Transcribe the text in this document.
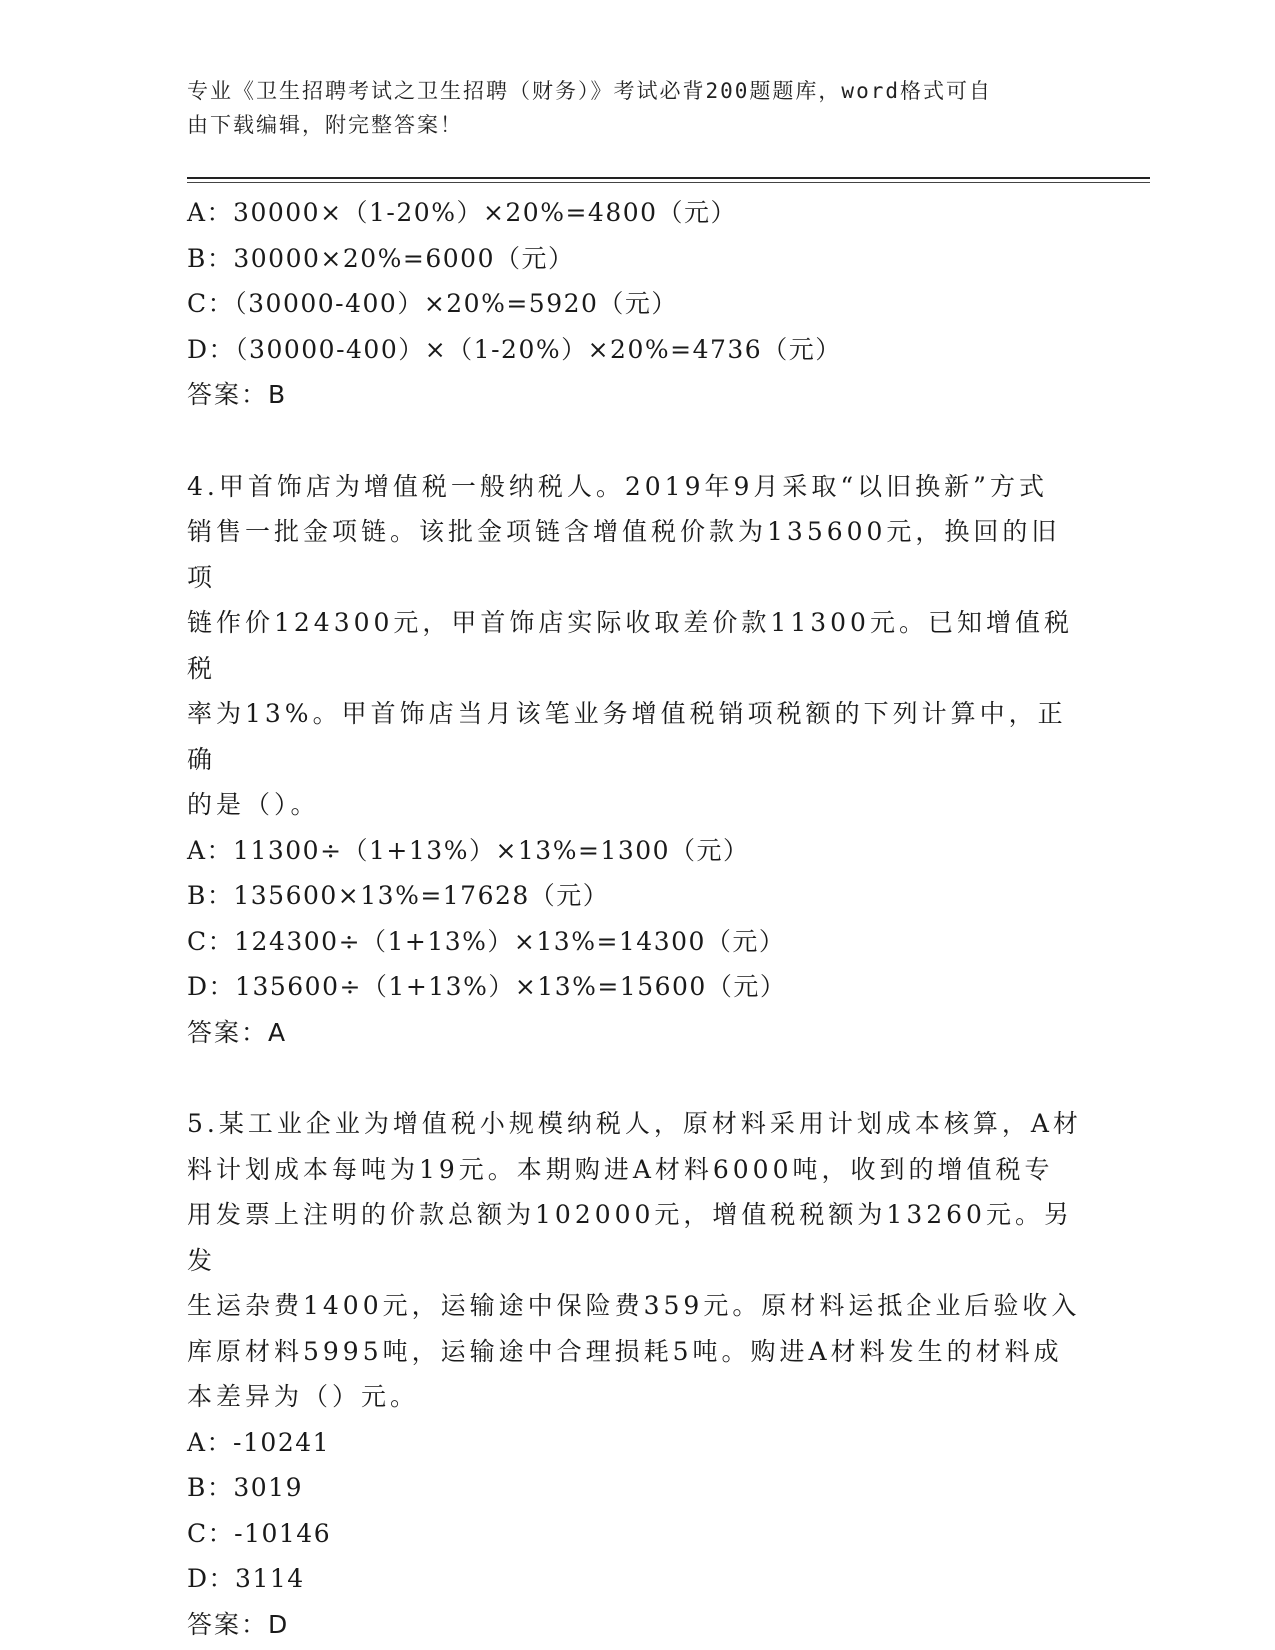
专业《卫生招聘考试之卫生招聘（财务）》考试必背200题题库，word格式可自
由下载编辑，附完整答案！
A：30000×（1-20%）×20%=4800（元）
B：30000×20%=6000（元）
C：（30000-400）×20%=5920（元）
D：（30000-400）×（1-20%）×20%=4736（元）
答案：B
4.甲首饰店为增值税一般纳税人。2019年9月采取“以旧换新”方式
销售一批金项链。该批金项链含增值税价款为135600元，换回的旧项
链作价124300元，甲首饰店实际收取差价款11300元。已知增值税税
率为13%。甲首饰店当月该笔业务增值税销项税额的下列计算中，正确
的是（）。
A：11300÷（1+13%）×13%=1300（元）
B：135600×13%=17628（元）
C：124300÷（1+13%）×13%=14300（元）
D：135600÷（1+13%）×13%=15600（元）
答案：A
5.某工业企业为增值税小规模纳税人，原材料采用计划成本核算，A材
料计划成本每吨为19元。本期购进A材料6000吨，收到的增值税专
用发票上注明的价款总额为102000元，增值税税额为13260元。另发
生运杂费1400元，运输途中保险费359元。原材料运抵企业后验收入
库原材料5995吨，运输途中合理损耗5吨。购进A材料发生的材料成
本差异为（）元。
A：-10241
B：3019
C：-10146
D：3114
答案：D
